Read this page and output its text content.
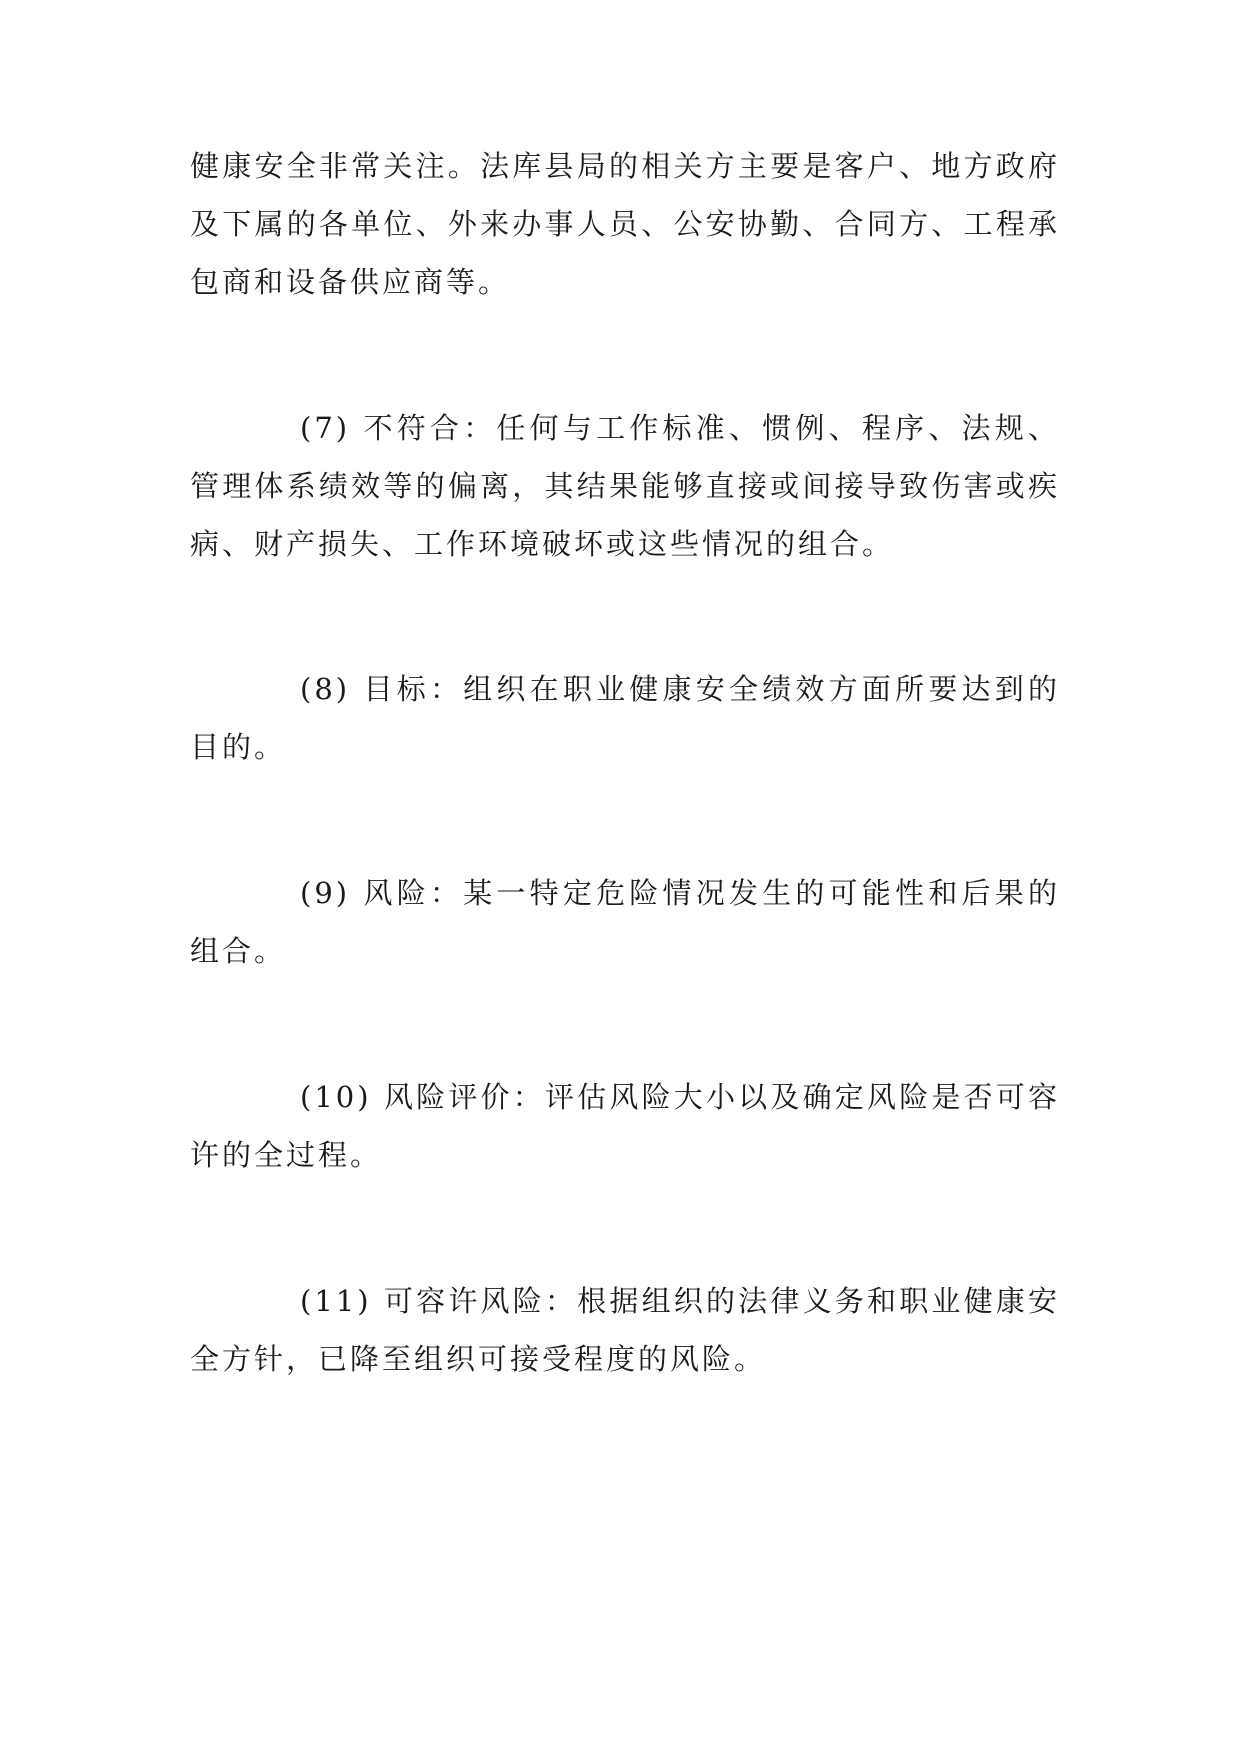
健康安全非常关注。法库县局的相关方主要是客户、地方政府及下属的各单位、外来办事人员、公安协勤、合同方、工程承包商和设备供应商等。

(7) 不符合：任何与工作标准、惯例、程序、法规、管理体系绩效等的偏离，其结果能够直接或间接导致伤害或疾病、财产损失、工作环境破坏或这些情况的组合。

(8) 目标：组织在职业健康安全绩效方面所要达到的目的。

(9) 风险：某一特定危险情况发生的可能性和后果的组合。

(10) 风险评价：评估风险大小以及确定风险是否可容许的全过程。

(11) 可容许风险：根据组织的法律义务和职业健康安全方针，已降至组织可接受程度的风险。
